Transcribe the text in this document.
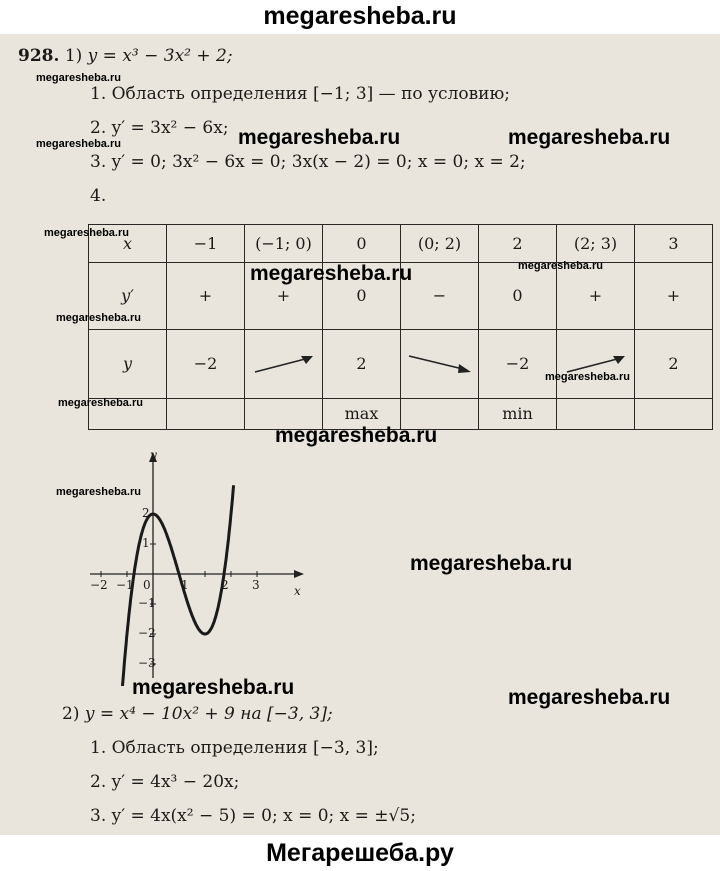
megaresheba.ru
928. 1) y = x³ − 3x² + 2;
1. Область определения [−1; 3] — по условию;
2. y′ = 3x² − 6x;
3. y′ = 0; 3x² − 6x = 0; 3x(x − 2) = 0; x = 0; x = 2;
4.
x	−1	(−1; 0)	0	(0; 2)	2	(2; 3)	3
y′	+	+	0	−	0	+	+
y	−2		2		−2		2
			max		min		
y
x
−2 −1 0	1	2 3
2
1
−1
−2
−3
2) y = x⁴ − 10x² + 9 на [−3, 3];
1. Область определения [−3, 3];
2. y′ = 4x³ − 20x;
3. y′ = 4x(x² − 5) = 0; x = 0; x = ±√5;
megaresheba.ru
megaresheba.ru
megaresheba.ru
megaresheba.ru
megaresheba.ru
megaresheba.ru
megaresheba.ru
megaresheba.ru
megaresheba.ru	megaresheba.ru
megaresheba.ru
megaresheba.ru
megaresheba.ru
megaresheba.ru	megaresheba.ru
Мегарешеба.ру
